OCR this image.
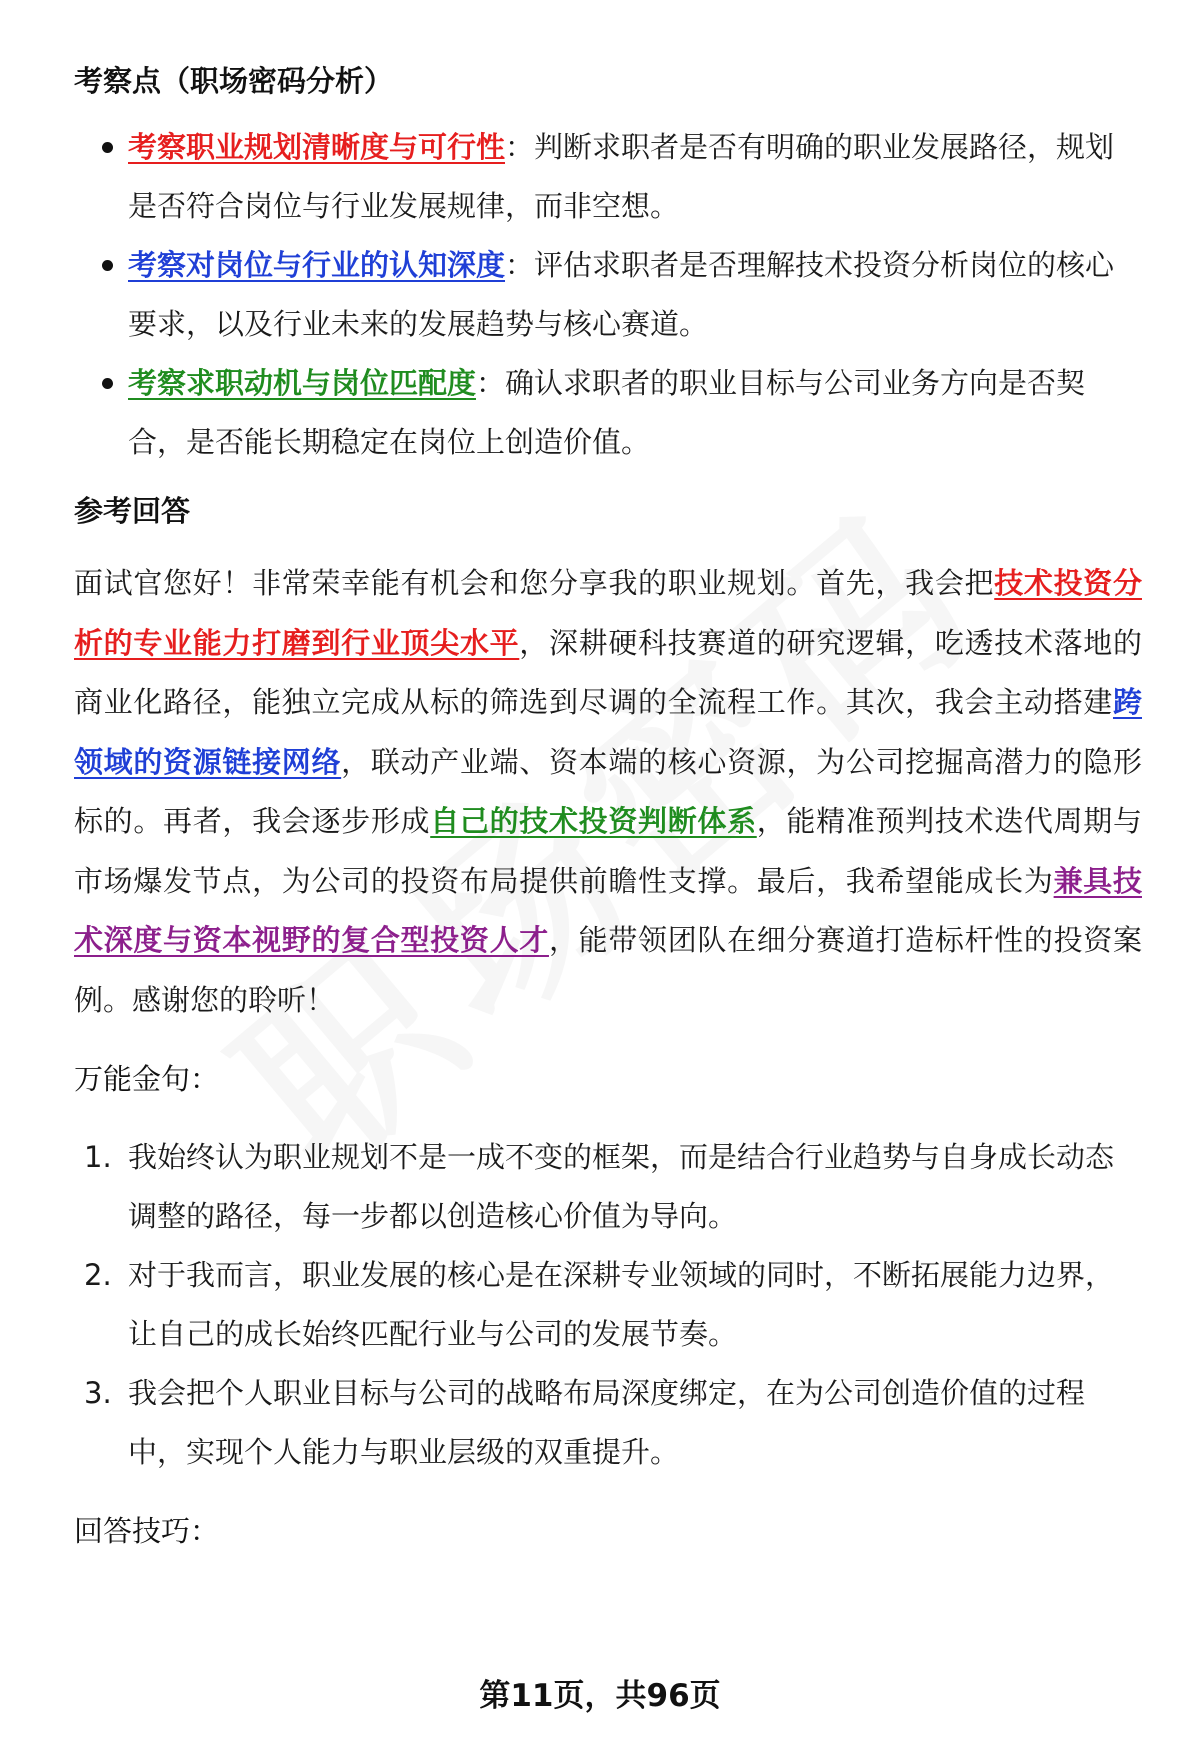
考察点（职场密码分析）
考察职业规划清晰度与可行性：判断求职者是否有明确的职业发展路径，规划是否符合岗位与行业发展规律，而非空想。
考察对岗位与行业的认知深度：评估求职者是否理解技术投资分析岗位的核心要求，以及行业未来的发展趋势与核心赛道。
考察求职动机与岗位匹配度：确认求职者的职业目标与公司业务方向是否契合，是否能长期稳定在岗位上创造价值。
参考回答

面试官您好！非常荣幸能有机会和您分享我的职业规划。首先，我会把技术投资分析的专业能力打磨到行业顶尖水平，深耕硬科技赛道的研究逻辑，吃透技术落地的商业化路径，能独立完成从标的筛选到尽调的全流程工作。其次，我会主动搭建跨领域的资源链接网络，联动产业端、资本端的核心资源，为公司挖掘高潜力的隐形标的。再者，我会逐步形成自己的技术投资判断体系，能精准预判技术迭代周期与市场爆发节点，为公司的投资布局提供前瞻性支撑。最后，我希望能成长为兼具技术深度与资本视野的复合型投资人才，能带领团队在细分赛道打造标杆性的投资案例。感谢您的聆听！

万能金句：
1. 我始终认为职业规划不是一成不变的框架，而是结合行业趋势与自身成长动态调整的路径，每一步都以创造核心价值为导向。
2. 对于我而言，职业发展的核心是在深耕专业领域的同时，不断拓展能力边界，让自己的成长始终匹配行业与公司的发展节奏。
3. 我会把个人职业目标与公司的战略布局深度绑定，在为公司创造价值的过程中，实现个人能力与职业层级的双重提升。
回答技巧：
第11页，共96页
